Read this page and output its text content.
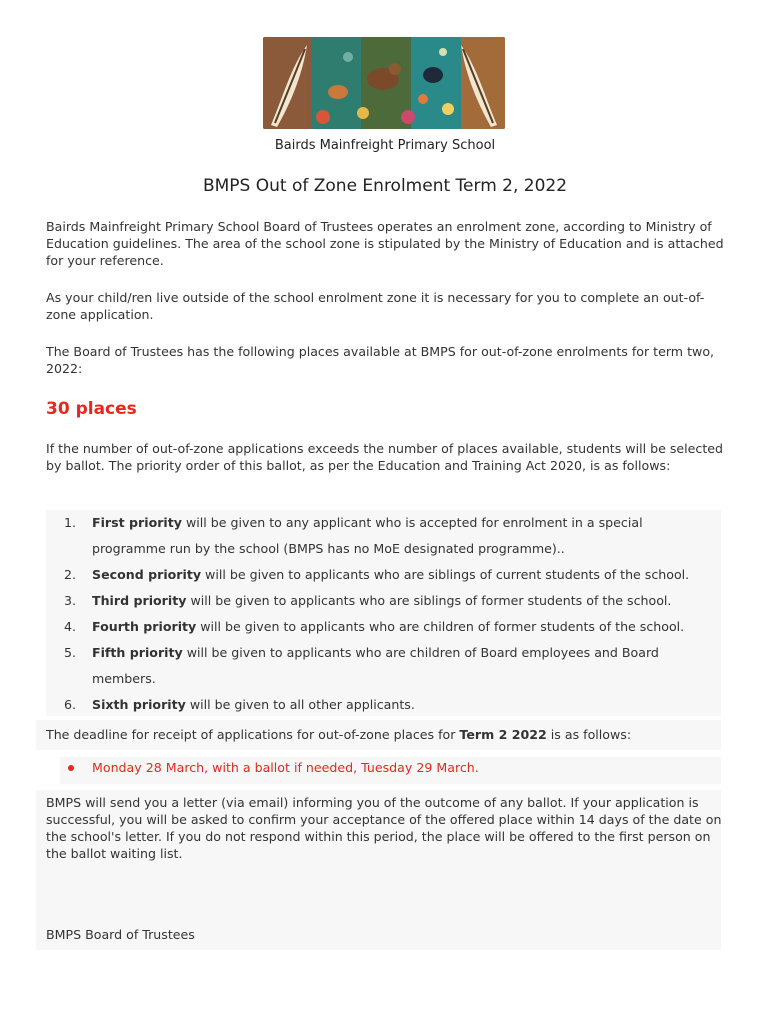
Bairds Mainfreight Primary School
BMPS Out of Zone Enrolment Term 2, 2022
Bairds Mainfreight Primary School Board of Trustees operates an enrolment zone, according to Ministry of Education guidelines. The area of the school zone is stipulated by the Ministry of Education and is attached for your reference.
As your child/ren live outside of the school enrolment zone it is necessary for you to complete an out-of-zone application.
The Board of Trustees has the following places available at BMPS for out-of-zone enrolments for term two, 2022:
30 places
If the number of out-of-zone applications exceeds the number of places available, students will be selected by ballot. The priority order of this ballot, as per the Education and Training Act 2020, is as follows:
1.	First priority will be given to any applicant who is accepted for enrolment in a special programme run by the school (BMPS has no MoE designated programme)..
2.	Second priority will be given to applicants who are siblings of current students of the school.
3.	Third priority will be given to applicants who are siblings of former students of the school.
4.	Fourth priority will be given to applicants who are children of former students of the school.
5.	Fifth priority will be given to applicants who are children of Board employees and Board members.
6.	Sixth priority will be given to all other applicants.
The deadline for receipt of applications for out-of-zone places for Term 2 2022 is as follows:
Monday 28 March, with a ballot if needed, Tuesday 29 March.
BMPS will send you a letter (via email) informing you of the outcome of any ballot. If your application is successful, you will be asked to confirm your acceptance of the offered place within 14 days of the date on the school's letter. If you do not respond within this period, the place will be offered to the first person on the ballot waiting list.
BMPS Board of Trustees
